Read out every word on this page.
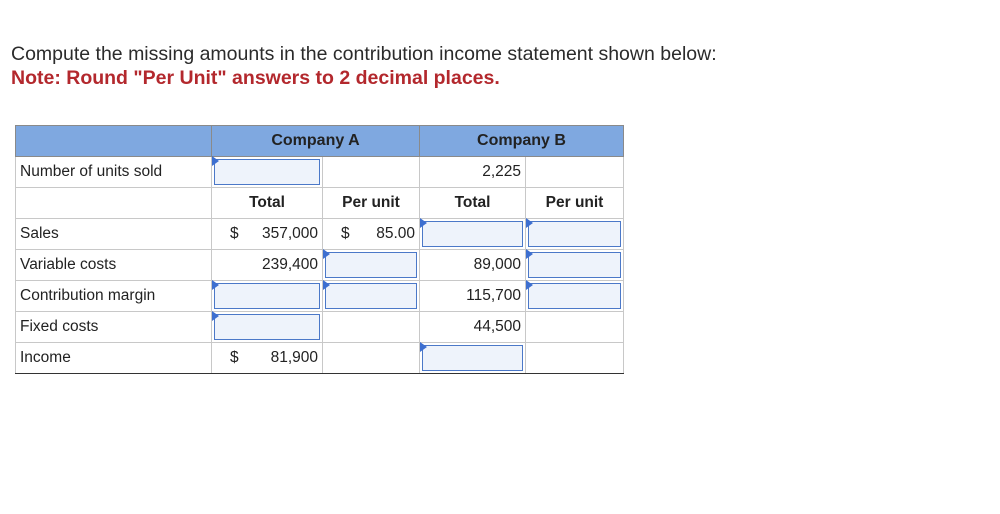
Compute the missing amounts in the contribution income statement shown below:
Note: Round "Per Unit" answers to 2 decimal places.
	Company A		Company B	
Number of units sold			2,225	
	Total	Per unit	Total	Per unit
Sales	$ 357,000	$ 85.00		

Variable costs	239,400		89,000	

Contribution margin			115,700	

Fixed costs			44,500	
Income	$ 81,900			
